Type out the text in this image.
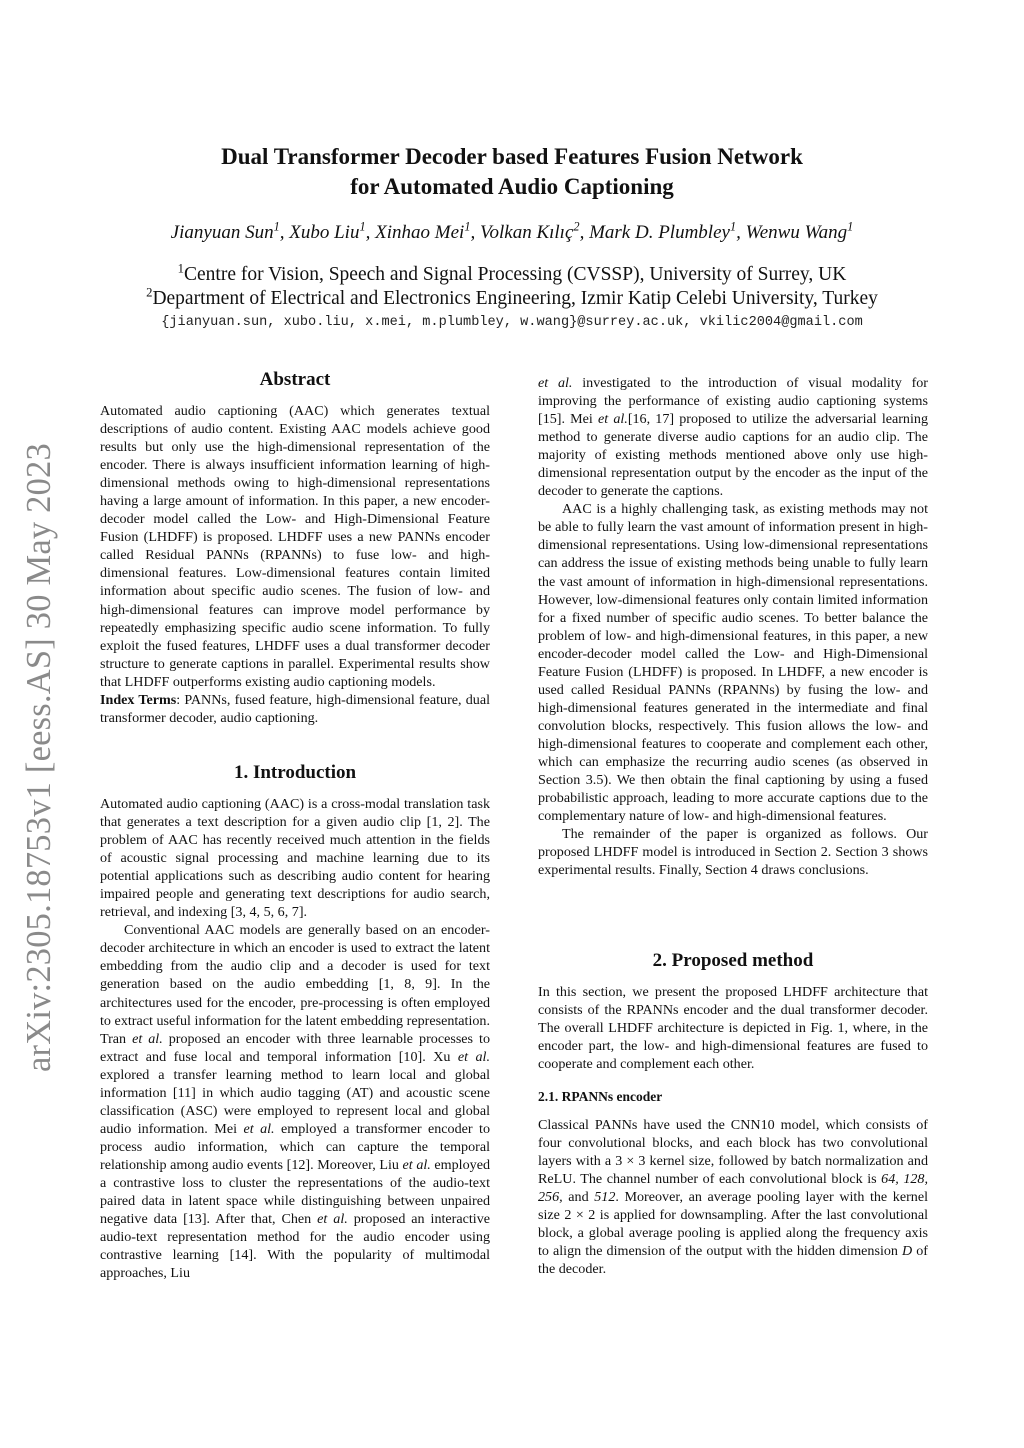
arXiv:2305.18753v1 [eess.AS] 30 May 2023
Dual Transformer Decoder based Features Fusion Network
for Automated Audio Captioning
Jianyuan Sun$^1$, Xubo Liu$^1$, Xinhao Mei$^1$, Volkan Kılıç$^2$, Mark D. Plumbley$^1$, Wenwu Wang$^1$
$^1$Centre for Vision, Speech and Signal Processing (CVSSP), University of Surrey, UK
$^2$Department of Electrical and Electronics Engineering, Izmir Katip Celebi University, Turkey
{jianyuan.sun, xubo.liu, x.mei, m.plumbley, w.wang}@surrey.ac.uk, vkilic2004@gmail.com
Abstract

Automated audio captioning (AAC) which generates textual descriptions of audio content. Existing AAC models achieve good results but only use the high-dimensional representation of the encoder. There is always insufficient information learning of high-dimensional methods owing to high-dimensional representations having a large amount of information. In this paper, a new encoder-decoder model called the Low- and High-Dimensional Feature Fusion (LHDFF) is proposed. LHDFF uses a new PANNs encoder called Residual PANNs (RPANNs) to fuse low- and high-dimensional features. Low-dimensional features contain limited information about specific audio scenes. The fusion of low- and high-dimensional features can improve model performance by repeatedly emphasizing specific audio scene information. To fully exploit the fused features, LHDFF uses a dual transformer decoder structure to generate captions in parallel. Experimental results show that LHDFF outperforms existing audio captioning models.

Index Terms: PANNs, fused feature, high-dimensional feature, dual transformer decoder, audio captioning.

1. Introduction

Automated audio captioning (AAC) is a cross-modal translation task that generates a text description for a given audio clip [1, 2]. The problem of AAC has recently received much attention in the fields of acoustic signal processing and machine learning due to its potential applications such as describing audio content for hearing impaired people and generating text descriptions for audio search, retrieval, and indexing [3, 4, 5, 6, 7].

Conventional AAC models are generally based on an encoder-decoder architecture in which an encoder is used to extract the latent embedding from the audio clip and a decoder is used for text generation based on the audio embedding [1, 8, 9]. In the architectures used for the encoder, pre-processing is often employed to extract useful information for the latent embedding representation. Tran et al. proposed an encoder with three learnable processes to extract and fuse local and temporal information [10]. Xu et al. explored a transfer learning method to learn local and global information [11] in which audio tagging (AT) and acoustic scene classification (ASC) were employed to represent local and global audio information. Mei et al. employed a transformer encoder to process audio information, which can capture the temporal relationship among audio events [12]. Moreover, Liu et al. employed a contrastive loss to cluster the representations of the audio-text paired data in latent space while distinguishing between unpaired negative data [13]. After that, Chen et al. proposed an interactive audio-text representation method for the audio encoder using contrastive learning [14]. With the popularity of multimodal approaches, Liu

et al. investigated to the introduction of visual modality for improving the performance of existing audio captioning systems [15]. Mei et al.[16, 17] proposed to utilize the adversarial learning method to generate diverse audio captions for an audio clip. The majority of existing methods mentioned above only use high-dimensional representation output by the encoder as the input of the decoder to generate the captions.

AAC is a highly challenging task, as existing methods may not be able to fully learn the vast amount of information present in high-dimensional representations. Using low-dimensional representations can address the issue of existing methods being unable to fully learn the vast amount of information in high-dimensional representations. However, low-dimensional features only contain limited information for a fixed number of specific audio scenes. To better balance the problem of low- and high-dimensional features, in this paper, a new encoder-decoder model called the Low- and High-Dimensional Feature Fusion (LHDFF) is proposed. In LHDFF, a new encoder is used called Residual PANNs (RPANNs) by fusing the low- and high-dimensional features generated in the intermediate and final convolution blocks, respectively. This fusion allows the low- and high-dimensional features to cooperate and complement each other, which can emphasize the recurring audio scenes (as observed in Section 3.5). We then obtain the final captioning by using a fused probabilistic approach, leading to more accurate captions due to the complementary nature of low- and high-dimensional features.

The remainder of the paper is organized as follows. Our proposed LHDFF model is introduced in Section 2. Section 3 shows experimental results. Finally, Section 4 draws conclusions.

2. Proposed method

In this section, we present the proposed LHDFF architecture that consists of the RPANNs encoder and the dual transformer decoder. The overall LHDFF architecture is depicted in Fig. 1, where, in the encoder part, the low- and high-dimensional features are fused to cooperate and complement each other.

2.1. RPANNs encoder

Classical PANNs have used the CNN10 model, which consists of four convolutional blocks, and each block has two convolutional layers with a 3 × 3 kernel size, followed by batch normalization and ReLU. The channel number of each convolutional block is 64, 128, 256, and 512. Moreover, an average pooling layer with the kernel size 2 × 2 is applied for downsampling. After the last convolutional block, a global average pooling is applied along the frequency axis to align the dimension of the output with the hidden dimension D of the decoder.
